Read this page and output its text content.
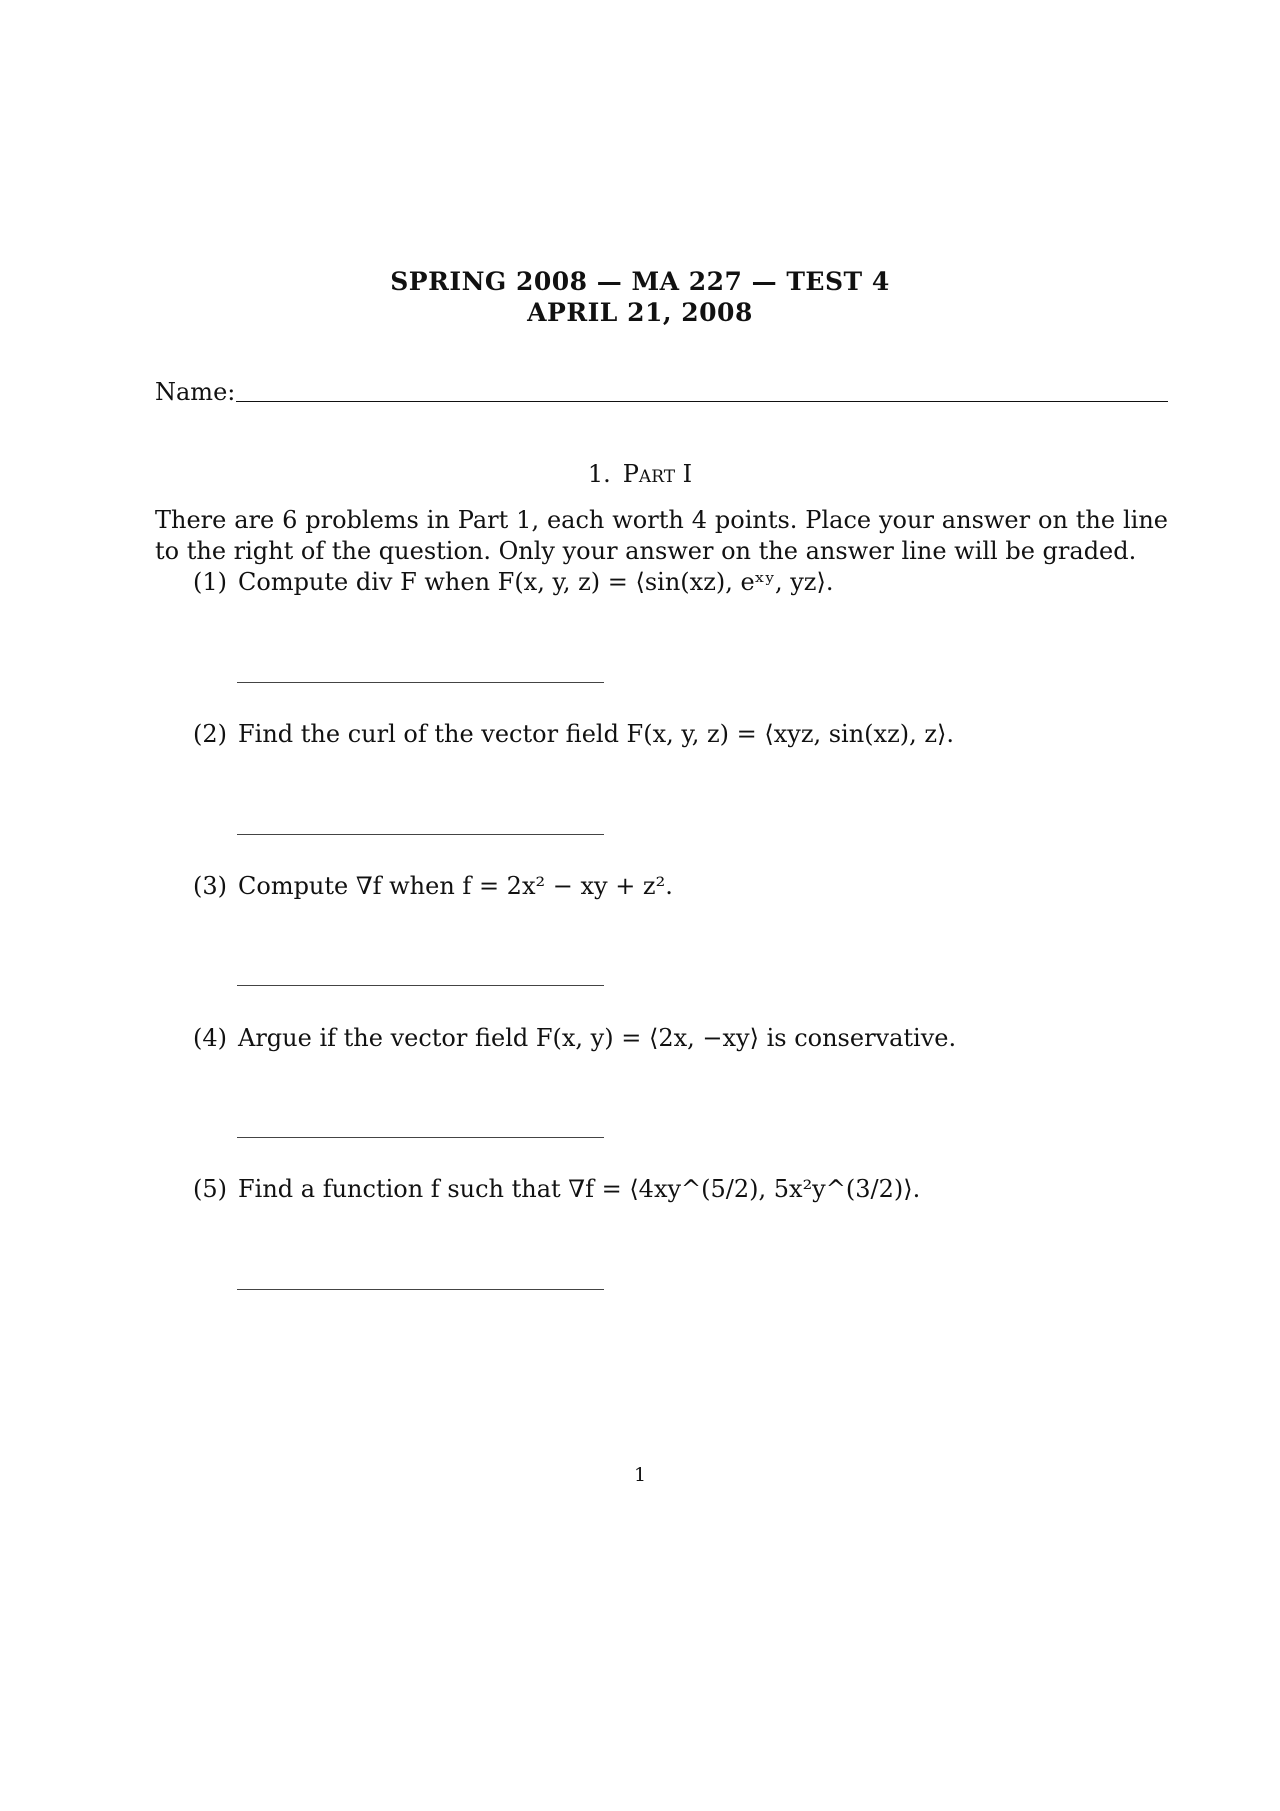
SPRING 2008 — MA 227 — TEST 4
APRIL 21, 2008
Name:
1. Part I
There are 6 problems in Part 1, each worth 4 points. Place your answer on the line to the right of the question. Only your answer on the answer line will be graded.
(1) Compute div F when F(x, y, z) = ⟨sin(xz), eˣʸ, yz⟩.
(2) Find the curl of the vector field F(x, y, z) = ⟨xyz, sin(xz), z⟩.
(3) Compute ∇f when f = 2x² − xy + z².
(4) Argue if the vector field F(x, y) = ⟨2x, −xy⟩ is conservative.
(5) Find a function f such that ∇f = ⟨4xy^(5/2), 5x²y^(3/2)⟩.
1
